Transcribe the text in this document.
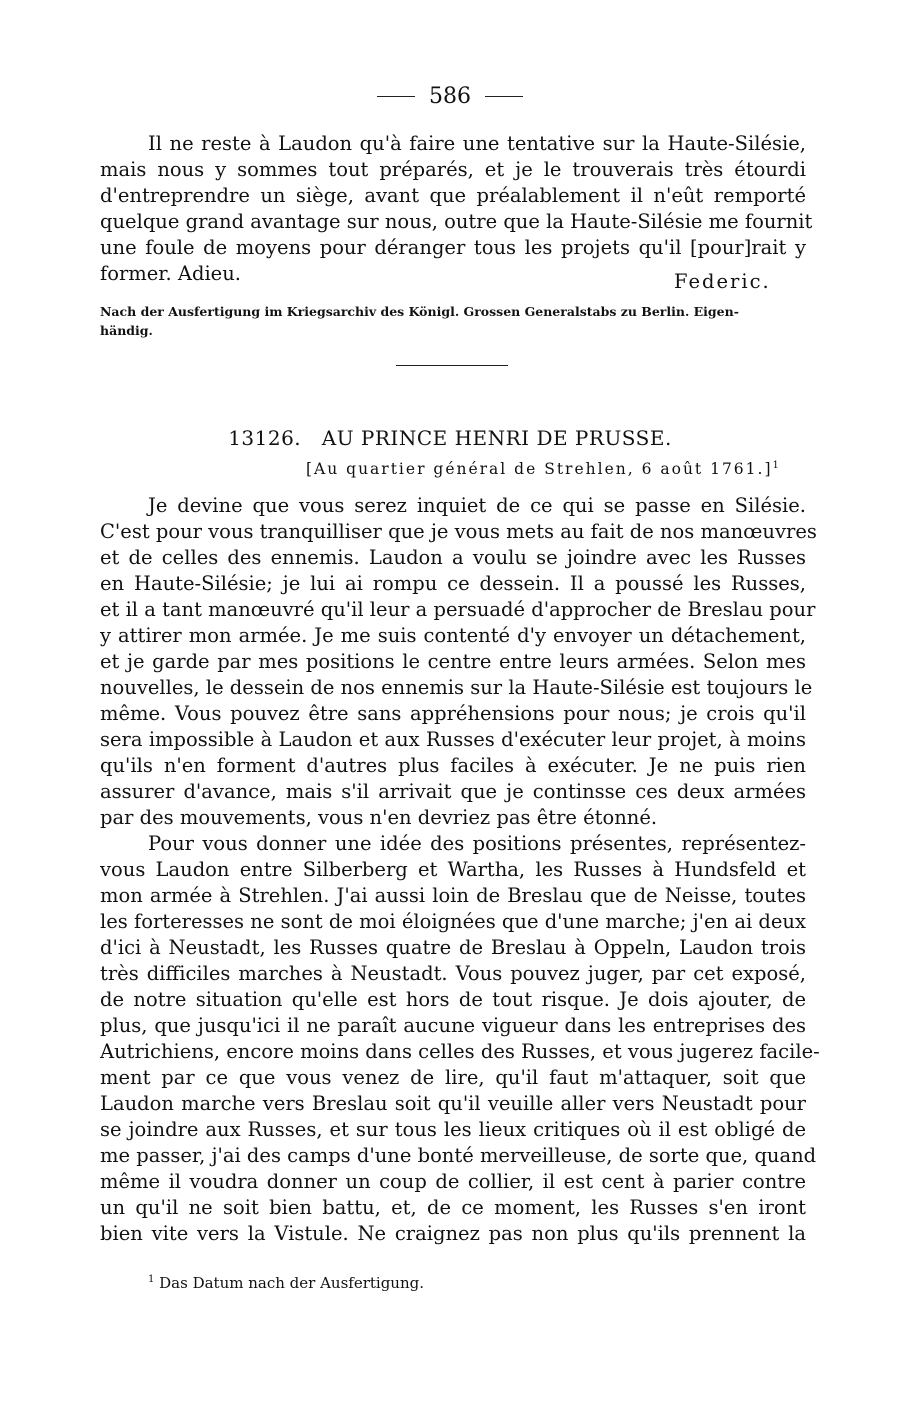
586
Il ne reste à Laudon qu'à faire une tentative sur la Haute-Silésie,
mais nous y sommes tout préparés, et je le trouverais très étourdi
d'entreprendre un siège, avant que préalablement il n'eût remporté
quelque grand avantage sur nous, outre que la Haute-Silésie me fournit
une foule de moyens pour déranger tous les projets qu'il [pour]rait y
former. Adieu.	Federic.
Nach der Ausfertigung im Kriegsarchiv des Königl. Grossen Generalstabs zu Berlin. Eigen-
händig.
13126. AU PRINCE HENRI DE PRUSSE.
[Au quartier général de Strehlen, 6 août 1761.]$^1$
Je devine que vous serez inquiet de ce qui se passe en Silésie.
C'est pour vous tranquilliser que je vous mets au fait de nos manœuvres
et de celles des ennemis. Laudon a voulu se joindre avec les Russes
en Haute-Silésie; je lui ai rompu ce dessein. Il a poussé les Russes,
et il a tant manœuvré qu'il leur a persuadé d'approcher de Breslau pour
y attirer mon armée. Je me suis contenté d'y envoyer un détachement,
et je garde par mes positions le centre entre leurs armées. Selon mes
nouvelles, le dessein de nos ennemis sur la Haute-Silésie est toujours le
même. Vous pouvez être sans appréhensions pour nous; je crois qu'il
sera impossible à Laudon et aux Russes d'exécuter leur projet, à moins
qu'ils n'en forment d'autres plus faciles à exécuter. Je ne puis rien
assurer d'avance, mais s'il arrivait que je continsse ces deux armées
par des mouvements, vous n'en devriez pas être étonné.
Pour vous donner une idée des positions présentes, représentez-
vous Laudon entre Silberberg et Wartha, les Russes à Hundsfeld et
mon armée à Strehlen. J'ai aussi loin de Breslau que de Neisse, toutes
les forteresses ne sont de moi éloignées que d'une marche; j'en ai deux
d'ici à Neustadt, les Russes quatre de Breslau à Oppeln, Laudon trois
très difficiles marches à Neustadt. Vous pouvez juger, par cet exposé,
de notre situation qu'elle est hors de tout risque. Je dois ajouter, de
plus, que jusqu'ici il ne paraît aucune vigueur dans les entreprises des
Autrichiens, encore moins dans celles des Russes, et vous jugerez facile-
ment par ce que vous venez de lire, qu'il faut m'attaquer, soit que
Laudon marche vers Breslau soit qu'il veuille aller vers Neustadt pour
se joindre aux Russes, et sur tous les lieux critiques où il est obligé de
me passer, j'ai des camps d'une bonté merveilleuse, de sorte que, quand
même il voudra donner un coup de collier, il est cent à parier contre
un qu'il ne soit bien battu, et, de ce moment, les Russes s'en iront
bien vite vers la Vistule. Ne craignez pas non plus qu'ils prennent la
$^1$ Das Datum nach der Ausfertigung.
